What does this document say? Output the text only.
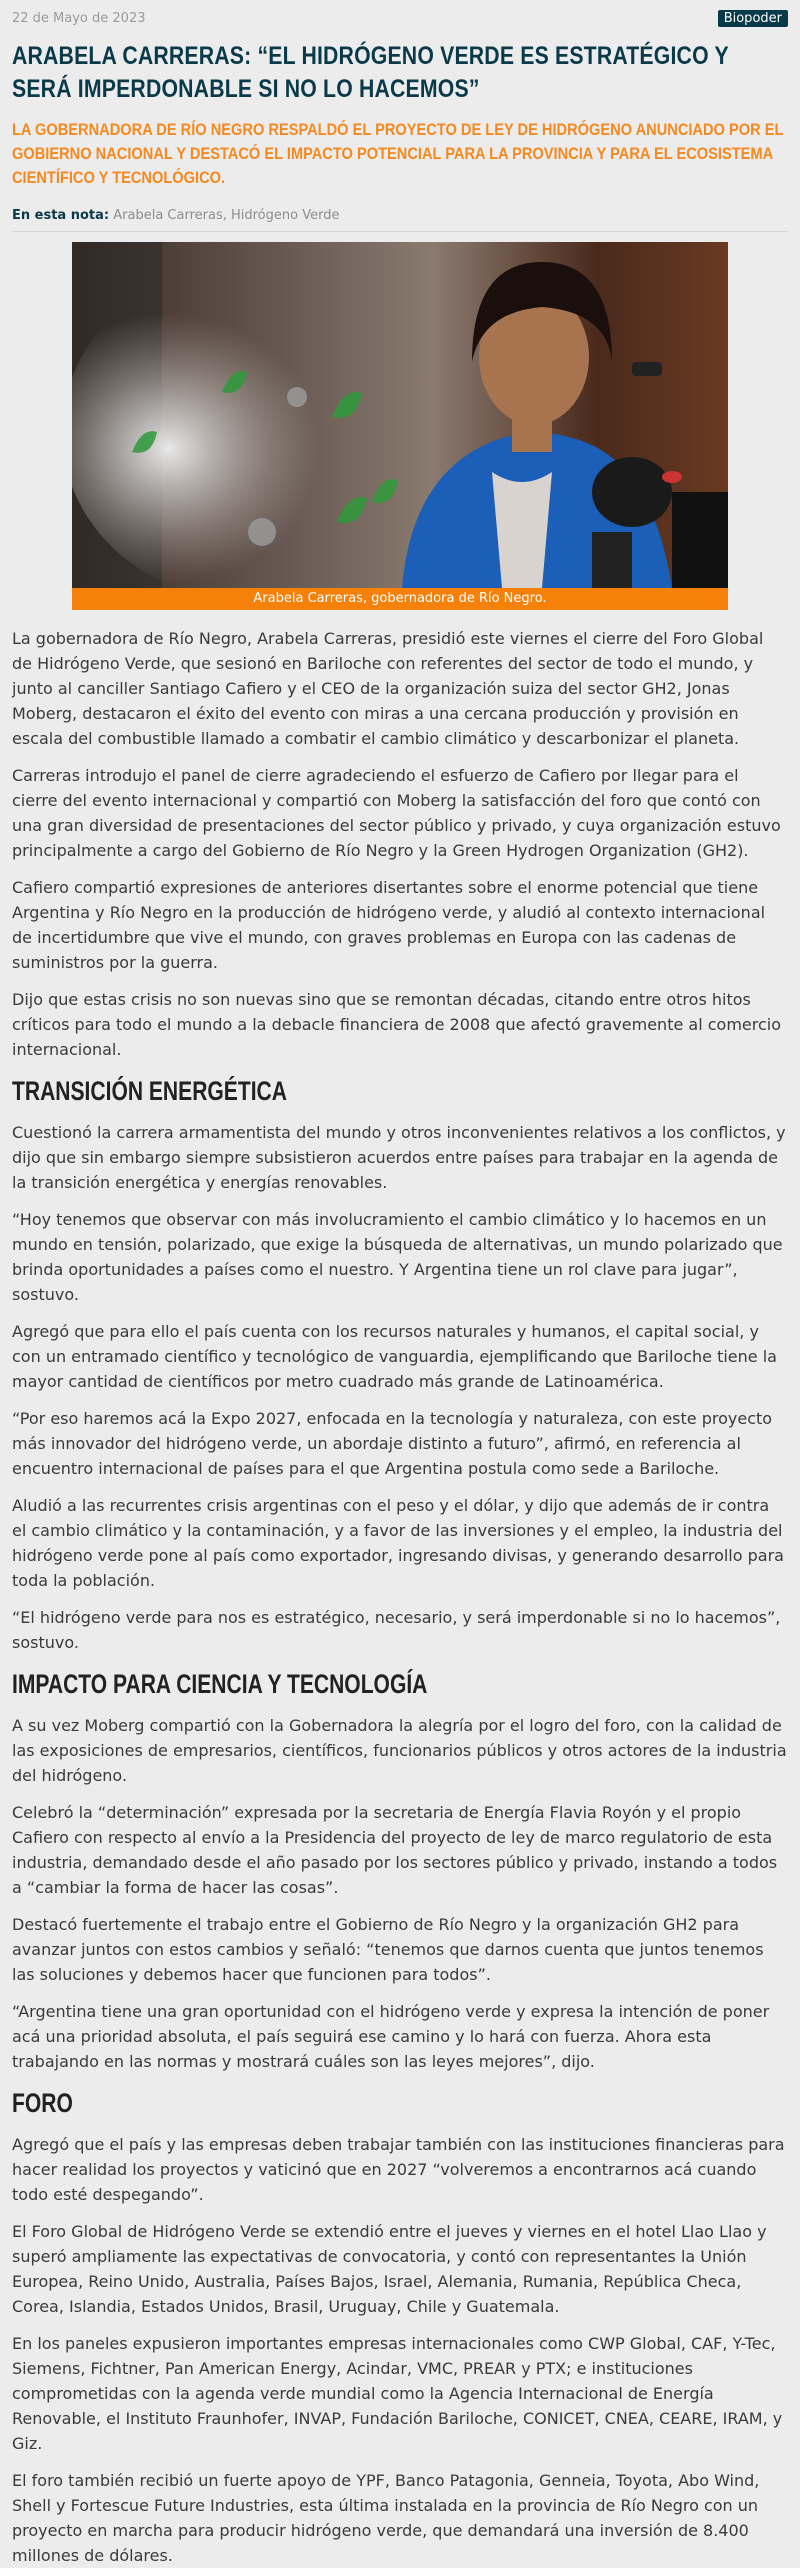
22 de Mayo de 2023	Biopoder
ARABELA CARRERAS: “EL HIDRÓGENO VERDE ES ESTRATÉGICO Y SERÁ IMPERDONABLE SI NO LO HACEMOS”
LA GOBERNADORA DE RÍO NEGRO RESPALDÓ EL PROYECTO DE LEY DE HIDRÓGENO ANUNCIADO POR EL GOBIERNO NACIONAL Y DESTACÓ EL IMPACTO POTENCIAL PARA LA PROVINCIA Y PARA EL ECOSISTEMA CIENTÍFICO Y TECNOLÓGICO.
En esta nota: Arabela Carreras, Hidrógeno Verde
Arabela Carreras, gobernadora de Río Negro.

La gobernadora de Río Negro, Arabela Carreras, presidió este viernes el cierre del Foro Global de Hidrógeno Verde, que sesionó en Bariloche con referentes del sector de todo el mundo, y junto al canciller Santiago Cafiero y el CEO de la organización suiza del sector GH2, Jonas Moberg, destacaron el éxito del evento con miras a una cercana producción y provisión en escala del combustible llamado a combatir el cambio climático y descarbonizar el planeta.

Carreras introdujo el panel de cierre agradeciendo el esfuerzo de Cafiero por llegar para el cierre del evento internacional y compartió con Moberg la satisfacción del foro que contó con una gran diversidad de presentaciones del sector público y privado, y cuya organización estuvo principalmente a cargo del Gobierno de Río Negro y la Green Hydrogen Organization (GH2).

Cafiero compartió expresiones de anteriores disertantes sobre el enorme potencial que tiene Argentina y Río Negro en la producción de hidrógeno verde, y aludió al contexto internacional de incertidumbre que vive el mundo, con graves problemas en Europa con las cadenas de suministros por la guerra.

Dijo que estas crisis no son nuevas sino que se remontan décadas, citando entre otros hitos críticos para todo el mundo a la debacle financiera de 2008 que afectó gravemente al comercio internacional.

TRANSICIÓN ENERGÉTICA

Cuestionó la carrera armamentista del mundo y otros inconvenientes relativos a los conflictos, y dijo que sin embargo siempre subsistieron acuerdos entre países para trabajar en la agenda de la transición energética y energías renovables.

“Hoy tenemos que observar con más involucramiento el cambio climático y lo hacemos en un mundo en tensión, polarizado, que exige la búsqueda de alternativas, un mundo polarizado que brinda oportunidades a países como el nuestro. Y Argentina tiene un rol clave para jugar”, sostuvo.

Agregó que para ello el país cuenta con los recursos naturales y humanos, el capital social, y con un entramado científico y tecnológico de vanguardia, ejemplificando que Bariloche tiene la mayor cantidad de científicos por metro cuadrado más grande de Latinoamérica.

“Por eso haremos acá la Expo 2027, enfocada en la tecnología y naturaleza, con este proyecto más innovador del hidrógeno verde, un abordaje distinto a futuro”, afirmó, en referencia al encuentro internacional de países para el que Argentina postula como sede a Bariloche.

Aludió a las recurrentes crisis argentinas con el peso y el dólar, y dijo que además de ir contra el cambio climático y la contaminación, y a favor de las inversiones y el empleo, la industria del hidrógeno verde pone al país como exportador, ingresando divisas, y generando desarrollo para toda la población.

“El hidrógeno verde para nos es estratégico, necesario, y será imperdonable si no lo hacemos”, sostuvo.

IMPACTO PARA CIENCIA Y TECNOLOGÍA

A su vez Moberg compartió con la Gobernadora la alegría por el logro del foro, con la calidad de las exposiciones de empresarios, científicos, funcionarios públicos y otros actores de la industria del hidrógeno.

Celebró la “determinación” expresada por la secretaria de Energía Flavia Royón y el propio Cafiero con respecto al envío a la Presidencia del proyecto de ley de marco regulatorio de esta industria, demandado desde el año pasado por los sectores público y privado, instando a todos a “cambiar la forma de hacer las cosas”.

Destacó fuertemente el trabajo entre el Gobierno de Río Negro y la organización GH2 para avanzar juntos con estos cambios y señaló: “tenemos que darnos cuenta que juntos tenemos las soluciones y debemos hacer que funcionen para todos”.

“Argentina tiene una gran oportunidad con el hidrógeno verde y expresa la intención de poner acá una prioridad absoluta, el país seguirá ese camino y lo hará con fuerza. Ahora esta trabajando en las normas y mostrará cuáles son las leyes mejores”, dijo.

FORO

Agregó que el país y las empresas deben trabajar también con las instituciones financieras para hacer realidad los proyectos y vaticinó que en 2027 “volveremos a encontrarnos acá cuando todo esté despegando”.

El Foro Global de Hidrógeno Verde se extendió entre el jueves y viernes en el hotel Llao Llao y superó ampliamente las expectativas de convocatoria, y contó con representantes la Unión Europea, Reino Unido, Australia, Países Bajos, Israel, Alemania, Rumania, República Checa, Corea, Islandia, Estados Unidos, Brasil, Uruguay, Chile y Guatemala.

En los paneles expusieron importantes empresas internacionales como CWP Global, CAF, Y-Tec, Siemens, Fichtner, Pan American Energy, Acindar, VMC, PREAR y PTX; e instituciones comprometidas con la agenda verde mundial como la Agencia Internacional de Energía Renovable, el Instituto Fraunhofer, INVAP, Fundación Bariloche, CONICET, CNEA, CEARE, IRAM, y Giz.

El foro también recibió un fuerte apoyo de YPF, Banco Patagonia, Genneia, Toyota, Abo Wind, Shell y Fortescue Future Industries, esta última instalada en la provincia de Río Negro con un proyecto en marcha para producir hidrógeno verde, que demandará una inversión de 8.400 millones de dólares.
